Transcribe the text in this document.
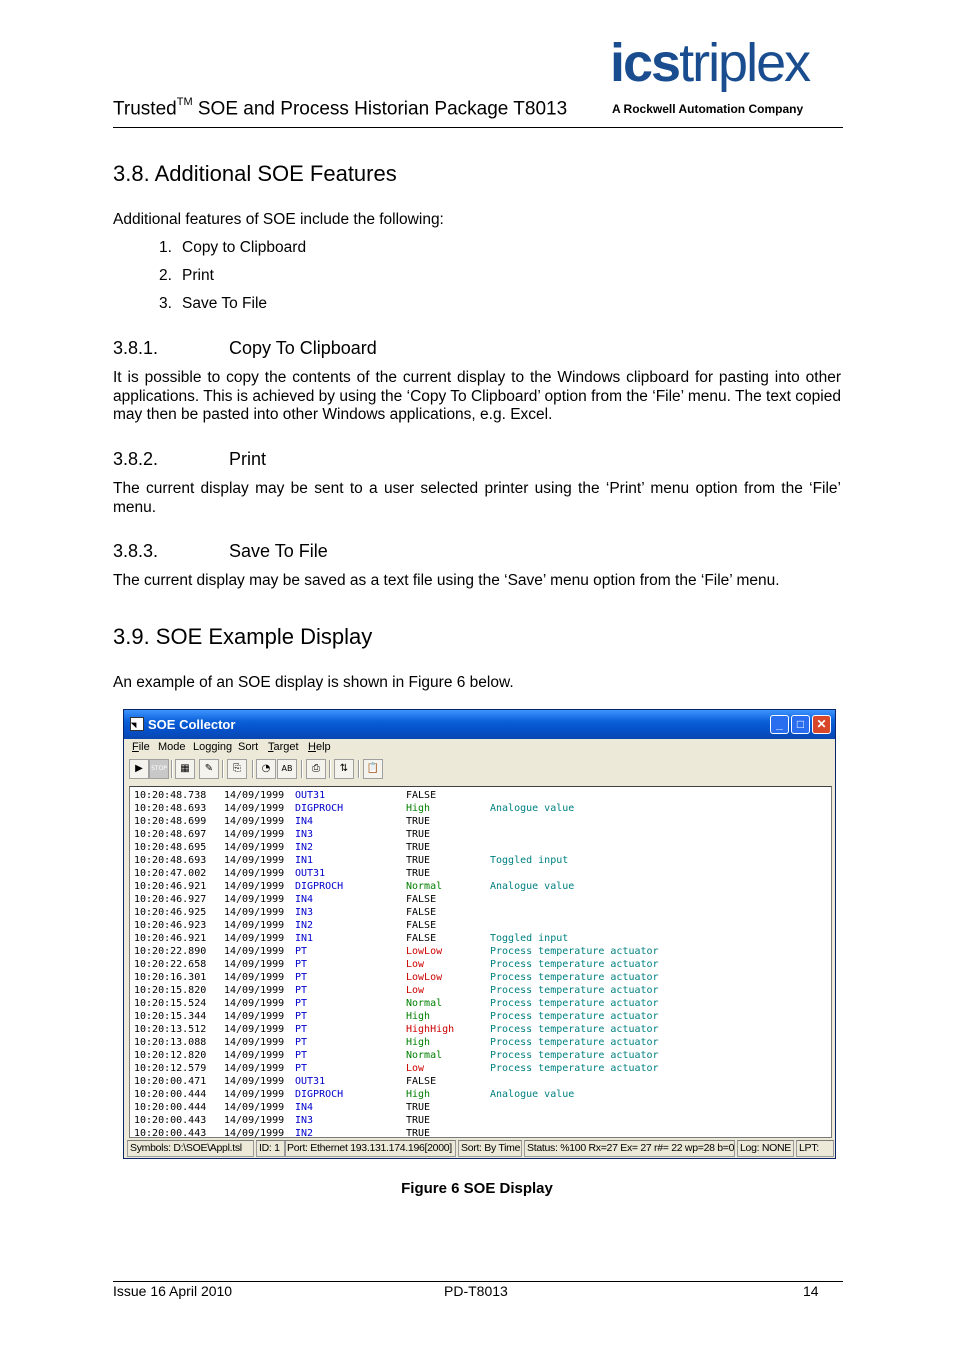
Trusted™ SOE and Process Historian Package T8013
icstriplex
A Rockwell Automation Company
3.8. Additional SOE Features

Additional features of SOE include the following:

1. Copy to Clipboard
2. Print
3. Save To File
3.8.1.	Copy To Clipboard

It is possible to copy the contents of the current display to the Windows clipboard for pasting into other applications. This is achieved by using the ‘Copy To Clipboard’ option from the ‘File’ menu. The text copied may then be pasted into other Windows applications, e.g. Excel.

3.8.2.	Print

The current display may be sent to a user selected printer using the ‘Print’ menu option from the ‘File’ menu.

3.8.3.	Save To File

The current display may be saved as a text file using the ‘Save’ menu option from the ‘File’ menu.

3.9. SOE Example Display

An example of an SOE display is shown in Figure 6 below.

SOE Collector	_	□	✕
File Mode Logging Sort Target Help
▶	STOP	▦	✎	⎘	◔	AB	⎙	⇅	📋
10:20:48.738 14/09/1999 OUT31	FALSE
10:20:48.693 14/09/1999 DIGPROCH	High	Analogue value
10:20:48.699 14/09/1999 IN4	TRUE
10:20:48.697 14/09/1999 IN3	TRUE
10:20:48.695 14/09/1999 IN2	TRUE
10:20:48.693 14/09/1999 IN1	TRUE	Toggled input
10:20:47.002 14/09/1999 OUT31	TRUE
10:20:46.921 14/09/1999 DIGPROCH	Normal	Analogue value
10:20:46.927 14/09/1999 IN4	FALSE
10:20:46.925 14/09/1999 IN3	FALSE
10:20:46.923 14/09/1999 IN2	FALSE
10:20:46.921 14/09/1999 IN1	FALSE	Toggled input
10:20:22.890 14/09/1999 PT	LowLow	Process temperature actuator
10:20:22.658 14/09/1999 PT	Low	Process temperature actuator
10:20:16.301 14/09/1999 PT	LowLow	Process temperature actuator
10:20:15.820 14/09/1999 PT	Low	Process temperature actuator
10:20:15.524 14/09/1999 PT	Normal	Process temperature actuator
10:20:15.344 14/09/1999 PT	High	Process temperature actuator
10:20:13.512 14/09/1999 PT	HighHigh	Process temperature actuator
10:20:13.088 14/09/1999 PT	High	Process temperature actuator
10:20:12.820 14/09/1999 PT	Normal	Process temperature actuator
10:20:12.579 14/09/1999 PT	Low	Process temperature actuator
10:20:00.471 14/09/1999 OUT31	FALSE
10:20:00.444 14/09/1999 DIGPROCH	High	Analogue value
10:20:00.444 14/09/1999 IN4	TRUE
10:20:00.443 14/09/1999 IN3	TRUE
10:20:00.443 14/09/1999 IN2	TRUE
Symbols: D:\SOE\Appl.tsl	ID: 1 Port: Ethernet 193.131.174.196[2000] Sort: By Time Status: %100 Rx=27 Ex= 27 r#= 22 wp=28 b=0 Log: NONE LPT:
Figure 6 SOE Display
Issue 16 April 2010	PD-T8013	14
